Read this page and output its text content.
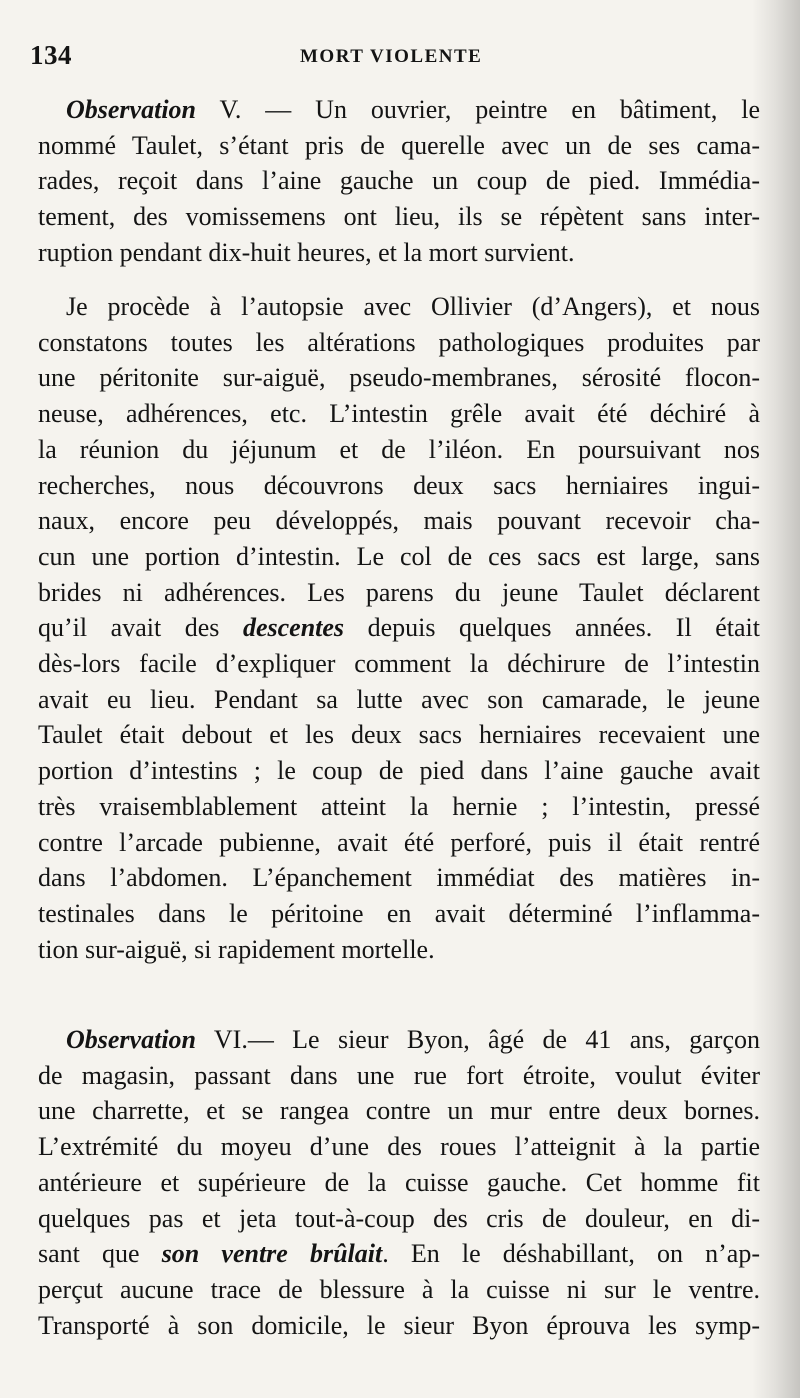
134	MORT VIOLENTE
Observation V. — Un ouvrier, peintre en bâtiment, le
nommé Taulet, s’étant pris de querelle avec un de ses cama-
rades, reçoit dans l’aine gauche un coup de pied. Immédia-
tement, des vomissemens ont lieu, ils se répètent sans inter-
ruption pendant dix-huit heures, et la mort survient.
Je procède à l’autopsie avec Ollivier (d’Angers), et nous
constatons toutes les altérations pathologiques produites par
une péritonite sur-aiguë, pseudo-membranes, sérosité flocon-
neuse, adhérences, etc. L’intestin grêle avait été déchiré à
la réunion du jéjunum et de l’iléon. En poursuivant nos
recherches, nous découvrons deux sacs herniaires ingui-
naux, encore peu développés, mais pouvant recevoir cha-
cun une portion d’intestin. Le col de ces sacs est large, sans
brides ni adhérences. Les parens du jeune Taulet déclarent
qu’il avait des descentes depuis quelques années. Il était
dès-lors facile d’expliquer comment la déchirure de l’intestin
avait eu lieu. Pendant sa lutte avec son camarade, le jeune
Taulet était debout et les deux sacs herniaires recevaient une
portion d’intestins ; le coup de pied dans l’aine gauche avait
très vraisemblablement atteint la hernie ; l’intestin, pressé
contre l’arcade pubienne, avait été perforé, puis il était rentré
dans l’abdomen. L’épanchement immédiat des matières in-
testinales dans le péritoine en avait déterminé l’inflamma-
tion sur-aiguë, si rapidement mortelle.
Observation VI.— Le sieur Byon, âgé de 41 ans, garçon
de magasin, passant dans une rue fort étroite, voulut éviter
une charrette, et se rangea contre un mur entre deux bornes.
L’extrémité du moyeu d’une des roues l’atteignit à la partie
antérieure et supérieure de la cuisse gauche. Cet homme fit
quelques pas et jeta tout-à-coup des cris de douleur, en di-
sant que son ventre brûlait. En le déshabillant, on n’ap-
perçut aucune trace de blessure à la cuisse ni sur le ventre.
Transporté à son domicile, le sieur Byon éprouva les symp-
